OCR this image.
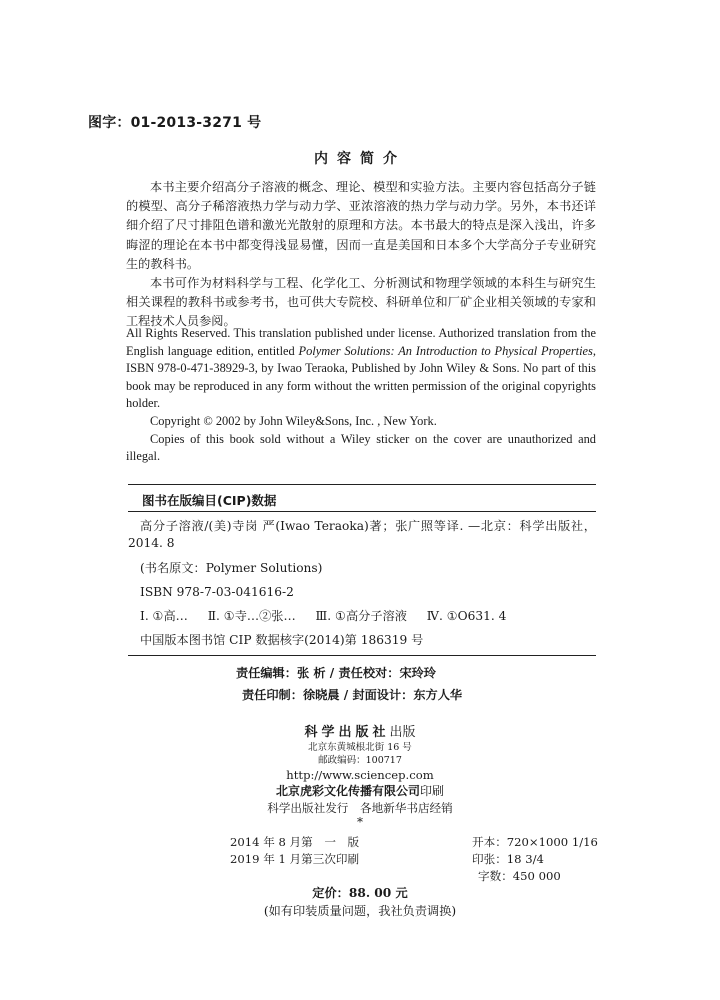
图字：01-2013-3271 号
内容简介

本书主要介绍高分子溶液的概念、理论、模型和实验方法。主要内容包括高分子链的模型、高分子稀溶液热力学与动力学、亚浓溶液的热力学与动力学。另外，本书还详细介绍了尺寸排阻色谱和激光光散射的原理和方法。本书最大的特点是深入浅出，许多晦涩的理论在本书中都变得浅显易懂，因而一直是美国和日本多个大学高分子专业研究生的教科书。

本书可作为材料科学与工程、化学化工、分析测试和物理学领域的本科生与研究生相关课程的教科书或参考书，也可供大专院校、科研单位和厂矿企业相关领域的专家和工程技术人员参阅。

All Rights Reserved. This translation published under license. Authorized translation from the English language edition, entitled Polymer Solutions: An Introduction to Physical Properties, ISBN 978-0-471-38929-3, by Iwao Teraoka, Published by John Wiley & Sons. No part of this book may be reproduced in any form without the written permission of the original copyrights holder.

Copyright © 2002 by John Wiley&Sons, Inc. , New York.

Copies of this book sold without a Wiley sticker on the cover are unauthorized and illegal.

图书在版编目(CIP)数据
高分子溶液/(美)寺岗 严(Iwao Teraoka)著；张广照等译. —北京：科学出版社，2014. 8
(书名原文：Polymer Solutions)
ISBN 978-7-03-041616-2
Ⅰ. ①高… Ⅱ. ①寺…②张… Ⅲ. ①高分子溶液 Ⅳ. ①O631. 4
中国版本图书馆 CIP 数据核字(2014)第 186319 号
责任编辑：张 析 / 责任校对：宋玲玲
责任印制：徐晓晨 / 封面设计：东方人华
科学出版社出版
北京东黄城根北街 16 号
邮政编码：100717
http://www.sciencep.com
北京虎彩文化传播有限公司印刷
科学出版社发行　各地新华书店经销
*
2014 年 8 月第　一　版	开本：720×1000 1/16
2019 年 1 月第三次印刷	印张：18 3/4
字数：450 000
定价：88. 00 元
(如有印装质量问题，我社负责调换)
